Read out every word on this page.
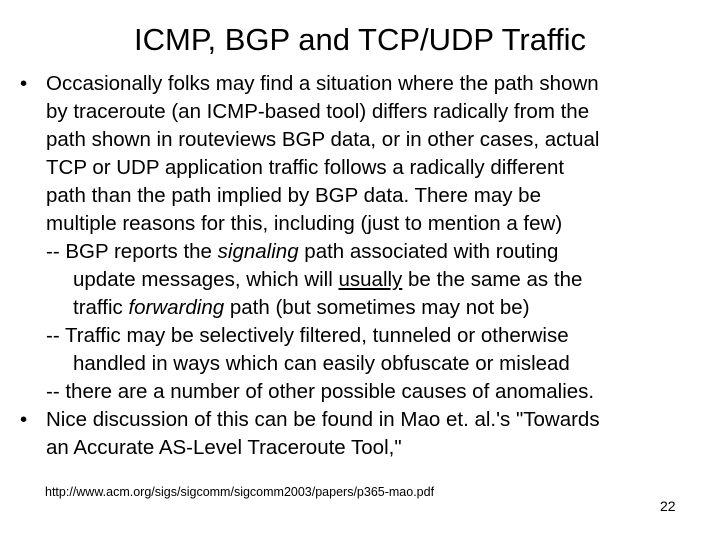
ICMP, BGP and TCP/UDP Traffic
• Occasionally folks may find a situation where the path shown
by traceroute (an ICMP-based tool) differs radically from the
path shown in routeviews BGP data, or in other cases, actual
TCP or UDP application traffic follows a radically different
path than the path implied by BGP data. There may be
multiple reasons for this, including (just to mention a few)
-- BGP reports the signaling path associated with routing
update messages, which will usually be the same as the
traffic forwarding path (but sometimes may not be)
-- Traffic may be selectively filtered, tunneled or otherwise
handled in ways which can easily obfuscate or mislead
-- there are a number of other possible causes of anomalies.
• Nice discussion of this can be found in Mao et. al.'s "Towards
an Accurate AS-Level Traceroute Tool,"
http://www.acm.org/sigs/sigcomm/sigcomm2003/papers/p365-mao.pdf
22
